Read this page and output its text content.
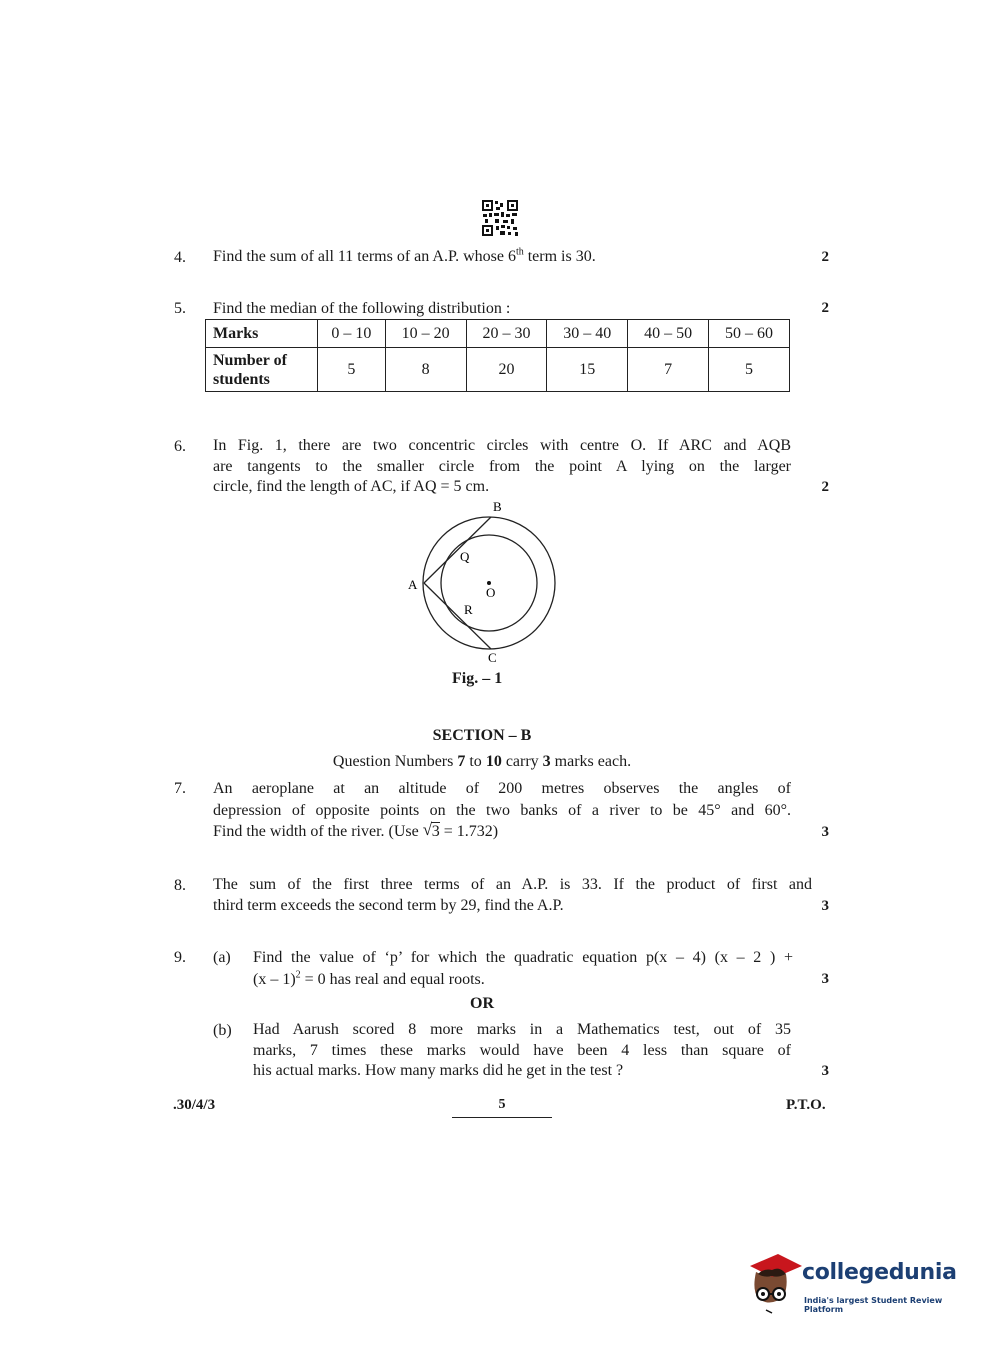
4. Find the sum of all 11 terms of an A.P. whose 6th term is 30.	2
5. Find the median of the following distribution :	2
Marks	0 – 10	10 – 20	20 – 30	30 – 40	40 – 50	50 – 60
Number of
students	5	8	20	15	7	5
6. In Fig. 1, there are two concentric circles with centre O. If ARC and AQB
are tangents to the smaller circle from the point A lying on the larger
circle, find the length of AC, if AQ = 5 cm.	2
B
Q
A
O
R
C
Fig. – 1
SECTION – B
Question Numbers 7 to 10 carry 3 marks each.
7. An aeroplane at an altitude of 200 metres observes the angles of
depression of opposite points on the two banks of a river to be 45° and 60°.
Find the width of the river. (Use √ 3 = 1.732)	3
8. The sum of the first three terms of an A.P. is 33. If the product of first and
third term exceeds the second term by 29, find the A.P.	3
9. (a) Find the value of ‘p’ for which the quadratic equation p(x – 4) (x – 2 ) +
(x – 1)$^2$ = 0 has real and equal roots.	3
OR
(b) Had Aarush scored 8 more marks in a Mathematics test, out of 35
marks, 7 times these marks would have been 4 less than square of
his actual marks. How many marks did he get in the test ?	3
.30/4/3	5	P.T.O.
collegedunia
India's largest Student Review Platform
